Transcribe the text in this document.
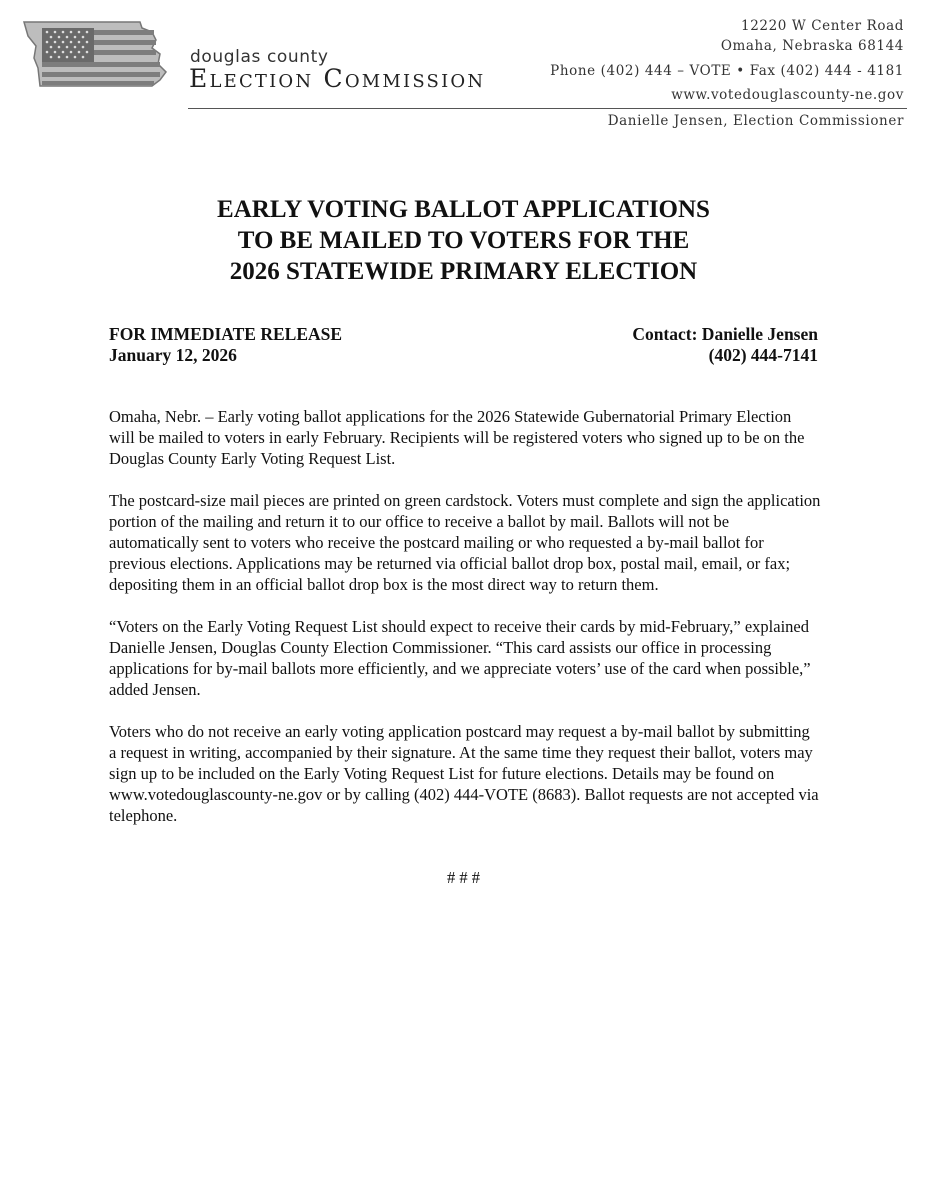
douglas county
Election Commission
12220 W Center Road
Omaha, Nebraska 68144
Phone (402) 444 – VOTE • Fax (402) 444 - 4181
www.votedouglascounty-ne.gov
Danielle Jensen, Election Commissioner
EARLY VOTING BALLOT APPLICATIONS
TO BE MAILED TO VOTERS FOR THE
2026 STATEWIDE PRIMARY ELECTION
FOR IMMEDIATE RELEASE
January 12, 2026
Contact: Danielle Jensen
(402) 444-7141

Omaha, Nebr. – Early voting ballot applications for the 2026 Statewide Gubernatorial Primary Election will be mailed to voters in early February. Recipients will be registered voters who signed up to be on the Douglas County Early Voting Request List.

The postcard-size mail pieces are printed on green cardstock. Voters must complete and sign the application portion of the mailing and return it to our office to receive a ballot by mail. Ballots will not be automatically sent to voters who receive the postcard mailing or who requested a by-mail ballot for previous elections. Applications may be returned via official ballot drop box, postal mail, email, or fax; depositing them in an official ballot drop box is the most direct way to return them.

“Voters on the Early Voting Request List should expect to receive their cards by mid-February,” explained Danielle Jensen, Douglas County Election Commissioner. “This card assists our office in processing applications for by-mail ballots more efficiently, and we appreciate voters’ use of the card when possible,” added Jensen.

Voters who do not receive an early voting application postcard may request a by-mail ballot by submitting a request in writing, accompanied by their signature. At the same time they request their ballot, voters may sign up to be included on the Early Voting Request List for future elections. Details may be found on www.votedouglascounty-ne.gov or by calling (402) 444-VOTE (8683). Ballot requests are not accepted via telephone.

# # #
